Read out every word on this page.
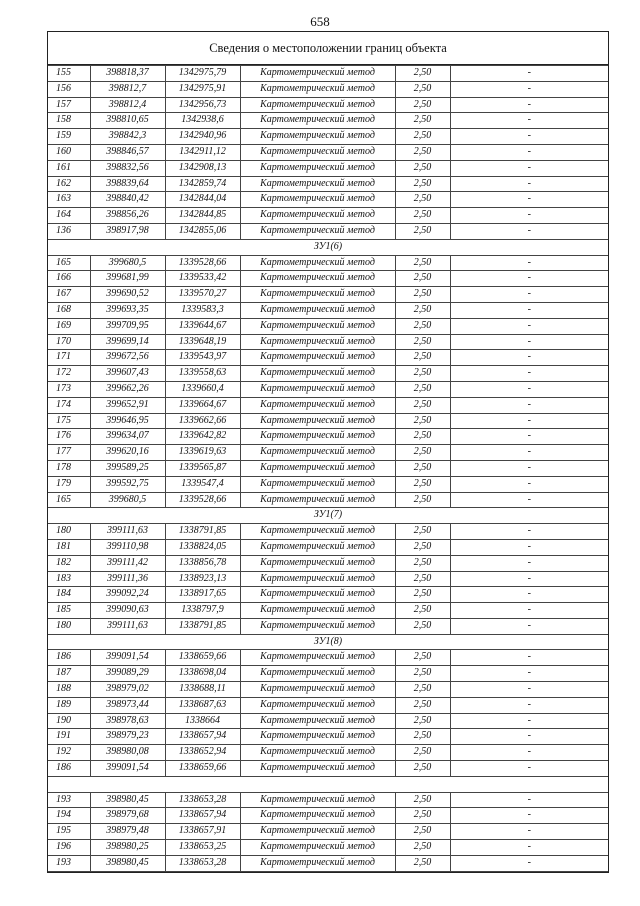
658
Сведения о местоположении границ объекта
155	398818,37	1342975,79	Картометрический метод	2,50	-
156	398812,7	1342975,91	Картометрический метод	2,50	-
157	398812,4	1342956,73	Картометрический метод	2,50	-
158	398810,65	1342938,6	Картометрический метод	2,50	-
159	398842,3	1342940,96	Картометрический метод	2,50	-
160	398846,57	1342911,12	Картометрический метод	2,50	-
161	398832,56	1342908,13	Картометрический метод	2,50	-
162	398839,64	1342859,74	Картометрический метод	2,50	-
163	398840,42	1342844,04	Картометрический метод	2,50	-
164	398856,26	1342844,85	Картометрический метод	2,50	-
136	398917,98	1342855,06	Картометрический метод	2,50	-
ЗУ1(6)					
165	399680,5	1339528,66	Картометрический метод	2,50	-
166	399681,99	1339533,42	Картометрический метод	2,50	-
167	399690,52	1339570,27	Картометрический метод	2,50	-
168	399693,35	1339583,3	Картометрический метод	2,50	-
169	399709,95	1339644,67	Картометрический метод	2,50	-
170	399699,14	1339648,19	Картометрический метод	2,50	-
171	399672,56	1339543,97	Картометрический метод	2,50	-
172	399607,43	1339558,63	Картометрический метод	2,50	-
173	399662,26	1339660,4	Картометрический метод	2,50	-
174	399652,91	1339664,67	Картометрический метод	2,50	-
175	399646,95	1339662,66	Картометрический метод	2,50	-
176	399634,07	1339642,82	Картометрический метод	2,50	-
177	399620,16	1339619,63	Картометрический метод	2,50	-
178	399589,25	1339565,87	Картометрический метод	2,50	-
179	399592,75	1339547,4	Картометрический метод	2,50	-
165	399680,5	1339528,66	Картометрический метод	2,50	-
ЗУ1(7)					
180	399111,63	1338791,85	Картометрический метод	2,50	-
181	399110,98	1338824,05	Картометрический метод	2,50	-
182	399111,42	1338856,78	Картометрический метод	2,50	-
183	399111,36	1338923,13	Картометрический метод	2,50	-
184	399092,24	1338917,65	Картометрический метод	2,50	-
185	399090,63	1338797,9	Картометрический метод	2,50	-
180	399111,63	1338791,85	Картометрический метод	2,50	-
ЗУ1(8)					
186	399091,54	1338659,66	Картометрический метод	2,50	-
187	399089,29	1338698,04	Картометрический метод	2,50	-
188	398979,02	1338688,11	Картометрический метод	2,50	-
189	398973,44	1338687,63	Картометрический метод	2,50	-
190	398978,63	1338664	Картометрический метод	2,50	-
191	398979,23	1338657,94	Картометрический метод	2,50	-
192	398980,08	1338652,94	Картометрический метод	2,50	-
186	399091,54	1338659,66	Картометрический метод	2,50	-

193	398980,45	1338653,28	Картометрический метод	2,50	-
194	398979,68	1338657,94	Картометрический метод	2,50	-
195	398979,48	1338657,91	Картометрический метод	2,50	-
196	398980,25	1338653,25	Картометрический метод	2,50	-
193	398980,45	1338653,28	Картометрический метод	2,50	-
